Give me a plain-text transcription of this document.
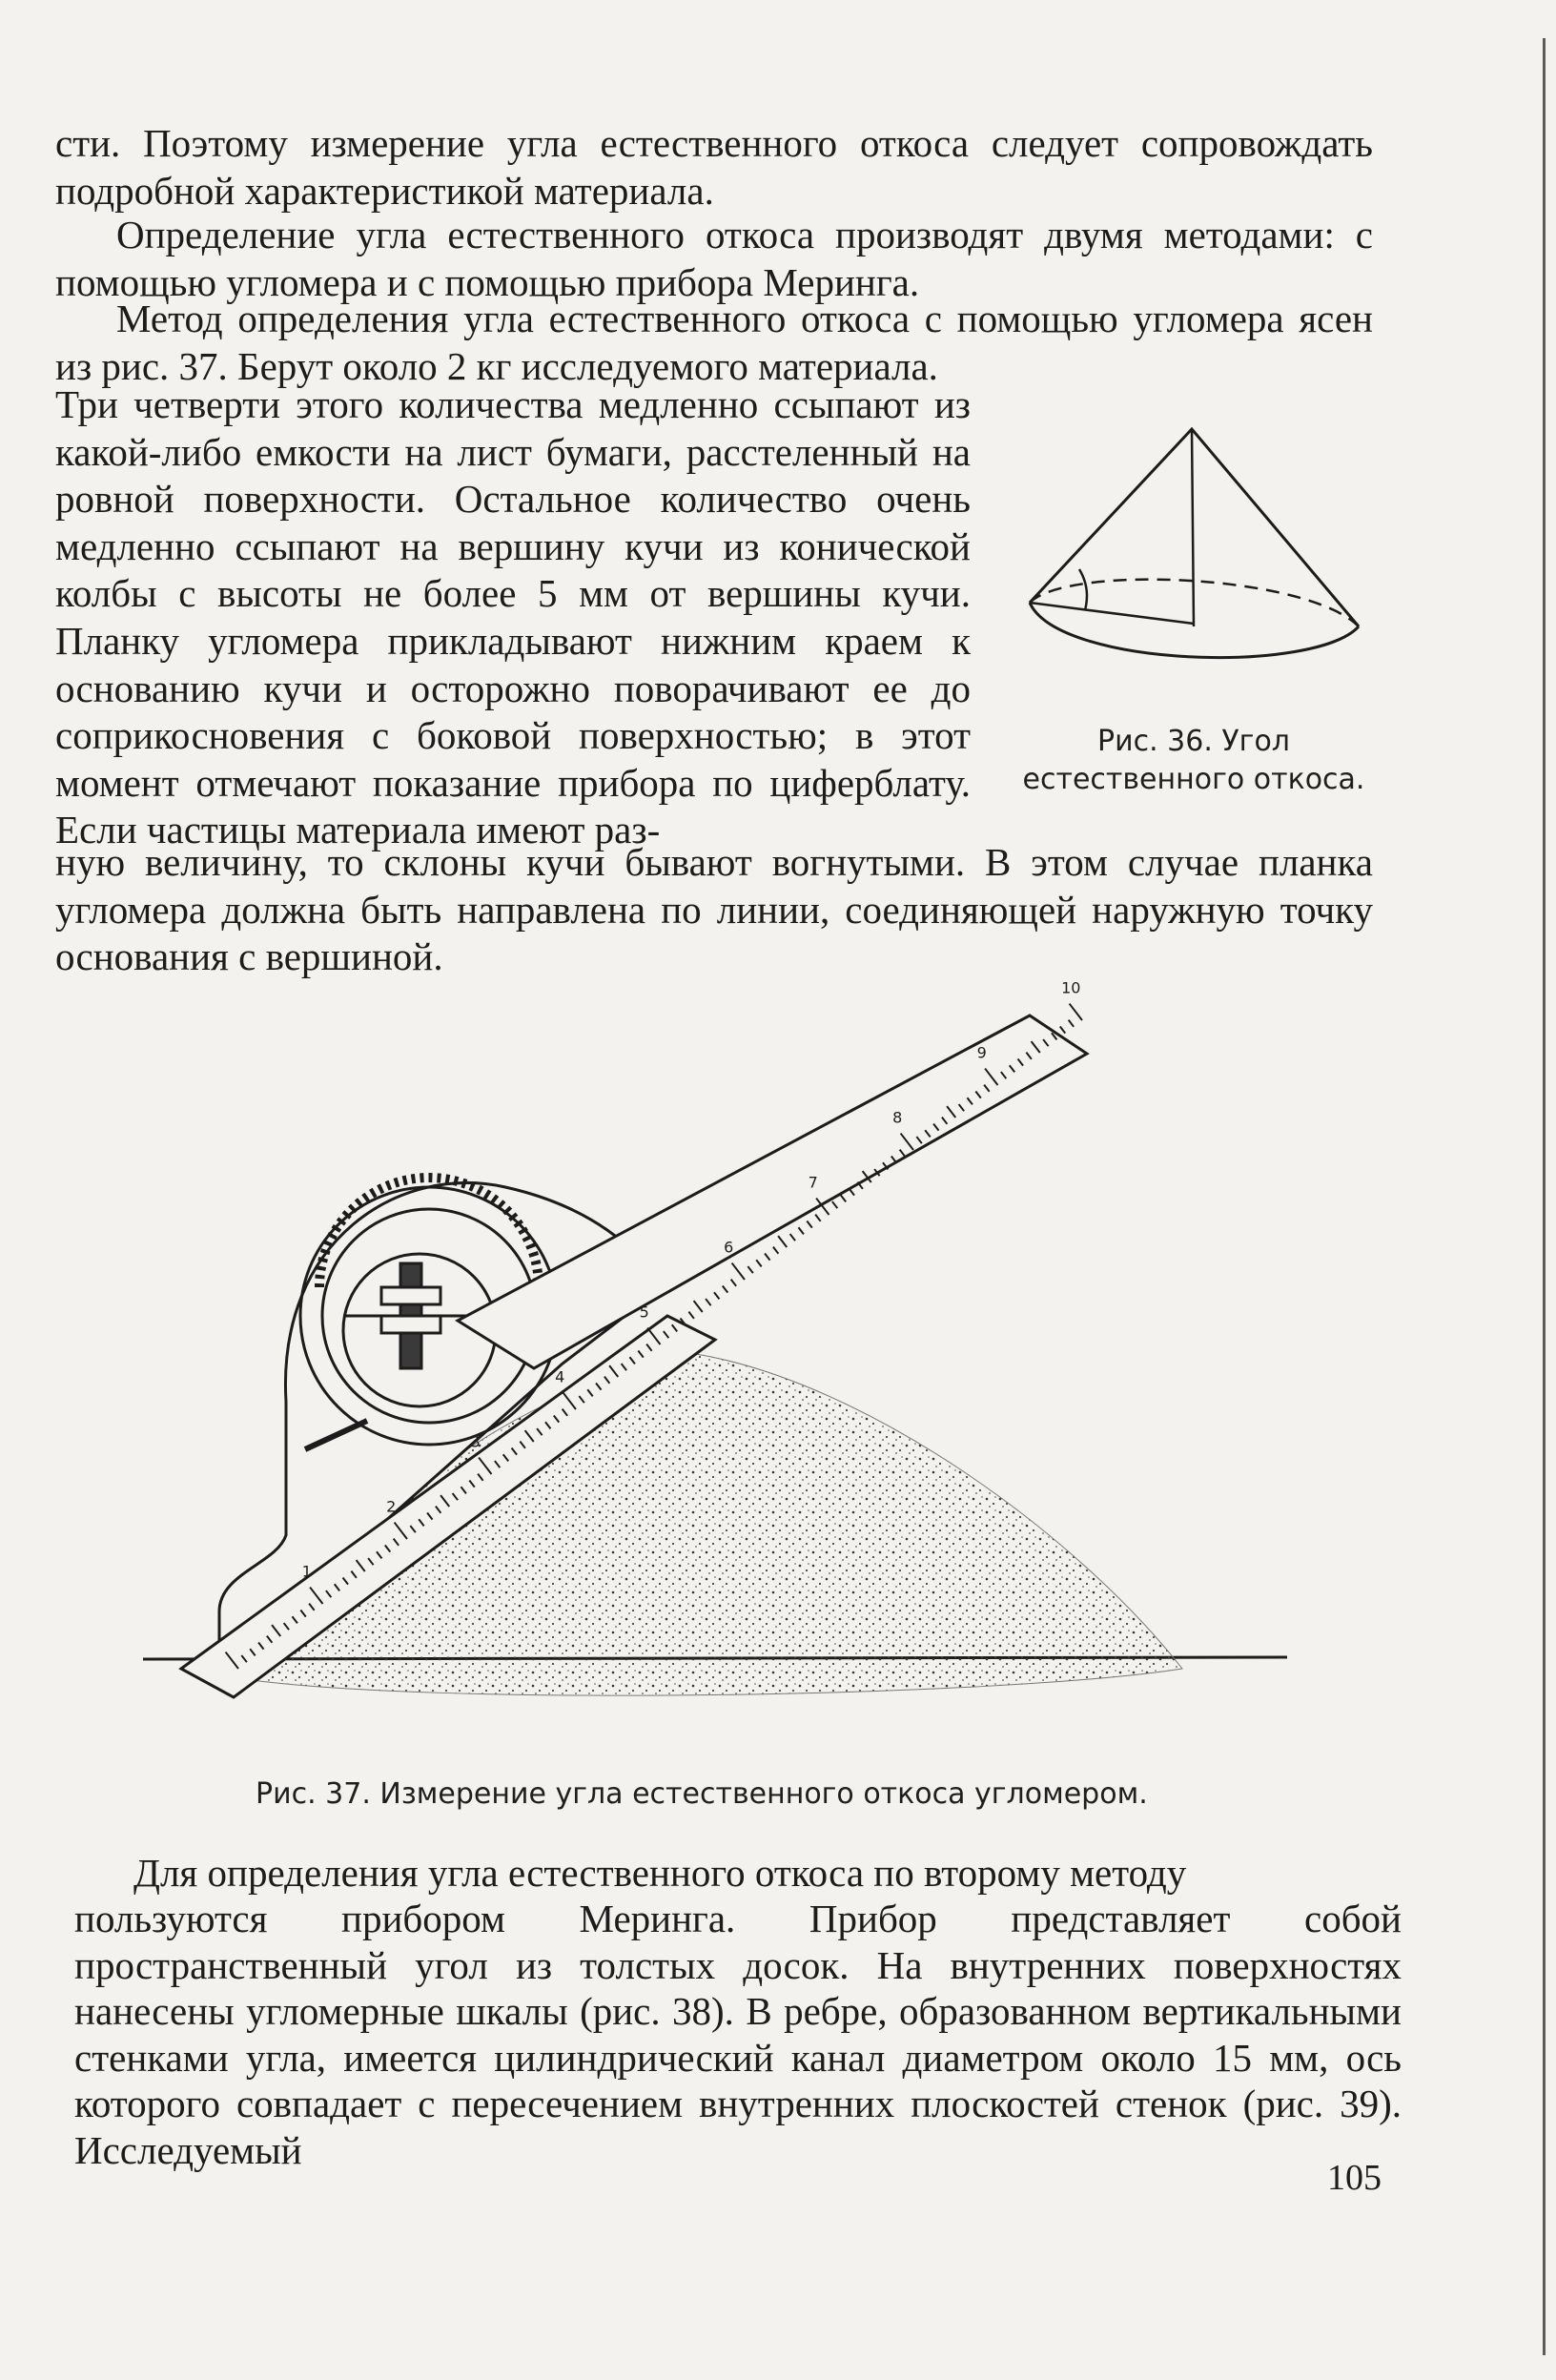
сти. Поэтому измерение угла естественного откоса следует сопровождать подробной характеристикой материала.

Определение угла естественного откоса производят двумя методами: с помощью угломера и с помощью прибора Меринга.

Метод определения угла естественного откоса с помощью угломера ясен из рис. 37. Берут около 2 кг исследуемого материала.

Три четверти этого количества медленно ссыпают из какой-либо емкости на лист бумаги, расстеленный на ровной поверхности. Остальное количество очень медленно ссыпают на вершину кучи из конической колбы с высоты не более 5 мм от вершины кучи. Планку угломера прикладывают нижним краем к основанию кучи и осторожно поворачивают ее до соприкосновения с боковой поверхностью; в этот момент отмечают показание прибора по циферблату. Если частицы материала имеют раз-

ную величину, то склоны кучи бывают вогнутыми. В этом случае планка угломера должна быть направлена по линии, соединяющей наружную точку основания с вершиной.

Рис. 36. Угол естественного откоса.

1
2
3
4
5
6
7
8
9
10

Рис. 37. Измерение угла естественного откоса угломером.

Для определения угла естественного откоса по второму методу

пользуются прибором Меринга. Прибор представляет собой пространственный угол из толстых досок. На внутренних поверхностях нанесены угломерные шкалы (рис. 38). В ребре, образованном вертикальными стенками угла, имеется цилиндрический канал диаметром около 15 мм, ось которого совпадает с пересечением внутренних плоскостей стенок (рис. 39). Исследуемый

105
